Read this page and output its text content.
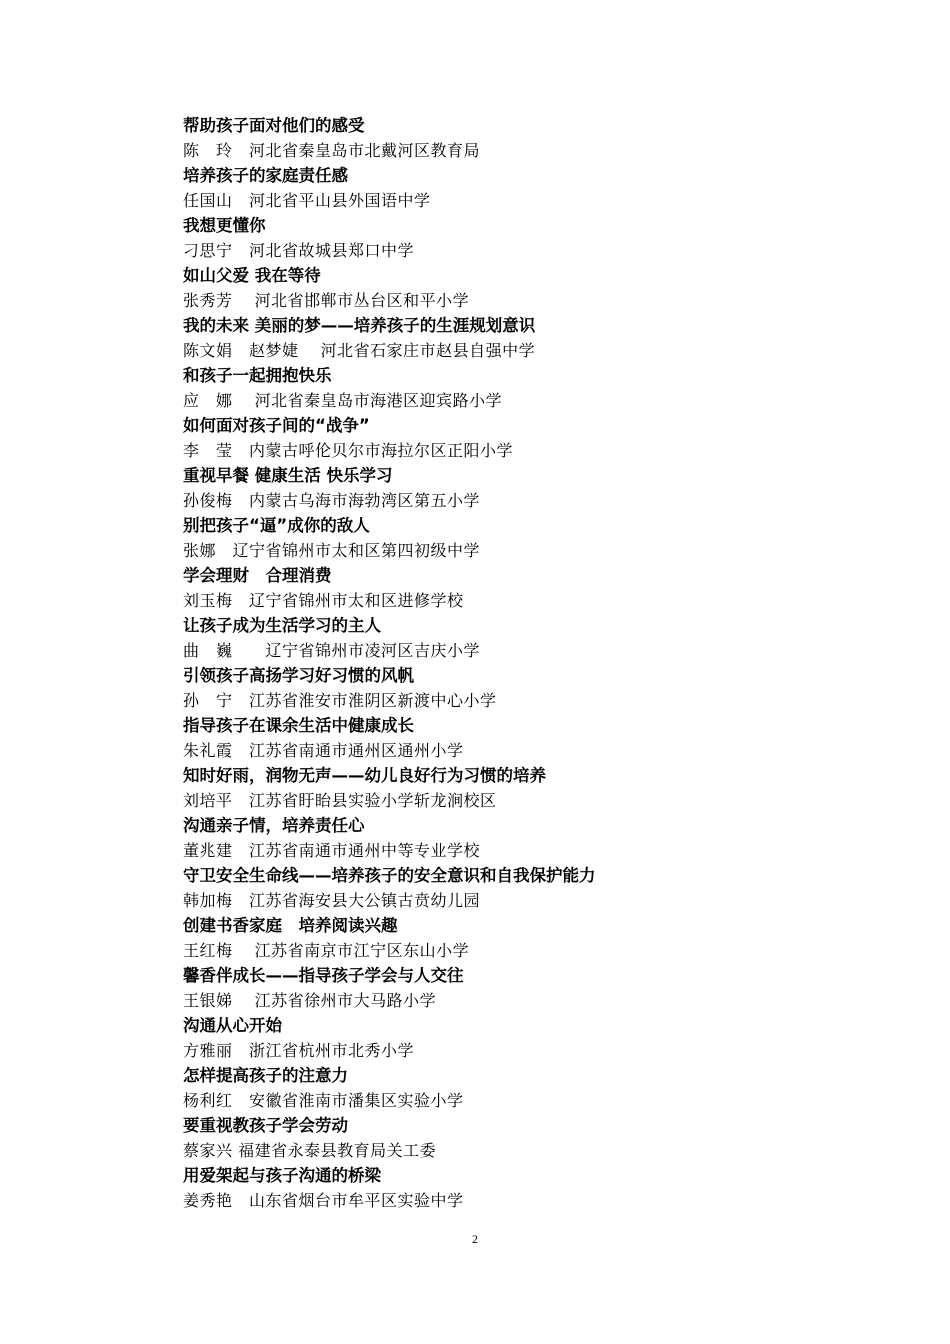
帮助孩子面对他们的感受
陈　玲　河北省秦皇岛市北戴河区教育局
培养孩子的家庭责任感
任国山　河北省平山县外国语中学
我想更懂你
刁思宁　河北省故城县郑口中学
如山父爱 我在等待
张秀芳　 河北省邯郸市丛台区和平小学
我的未来 美丽的梦——培养孩子的生涯规划意识
陈文娟　赵梦婕　 河北省石家庄市赵县自强中学
和孩子一起拥抱快乐
应　娜　 河北省秦皇岛市海港区迎宾路小学
如何面对孩子间的“战争”
李　莹　内蒙古呼伦贝尔市海拉尔区正阳小学
重视早餐 健康生活 快乐学习
孙俊梅　内蒙古乌海市海勃湾区第五小学
别把孩子“逼”成你的敌人
张娜　辽宁省锦州市太和区第四初级中学
学会理财　合理消费
刘玉梅　辽宁省锦州市太和区进修学校
让孩子成为生活学习的主人
曲　巍　　辽宁省锦州市凌河区吉庆小学
引领孩子高扬学习好习惯的风帆
孙　宁　江苏省淮安市淮阴区新渡中心小学
指导孩子在课余生活中健康成长
朱礼霞　江苏省南通市通州区通州小学
知时好雨，润物无声——幼儿良好行为习惯的培养
刘培平　江苏省盱眙县实验小学斩龙涧校区
沟通亲子情，培养责任心
董兆建　江苏省南通市通州中等专业学校
守卫安全生命线——培养孩子的安全意识和自我保护能力
韩加梅　江苏省海安县大公镇古贲幼儿园
创建书香家庭　培养阅读兴趣
王红梅　 江苏省南京市江宁区东山小学
馨香伴成长——指导孩子学会与人交往
王银娣　 江苏省徐州市大马路小学
沟通从心开始
方雅丽　浙江省杭州市北秀小学
怎样提高孩子的注意力
杨利红　安徽省淮南市潘集区实验小学
要重视教孩子学会劳动
蔡家兴 福建省永泰县教育局关工委
用爱架起与孩子沟通的桥梁
姜秀艳　山东省烟台市牟平区实验中学
2
